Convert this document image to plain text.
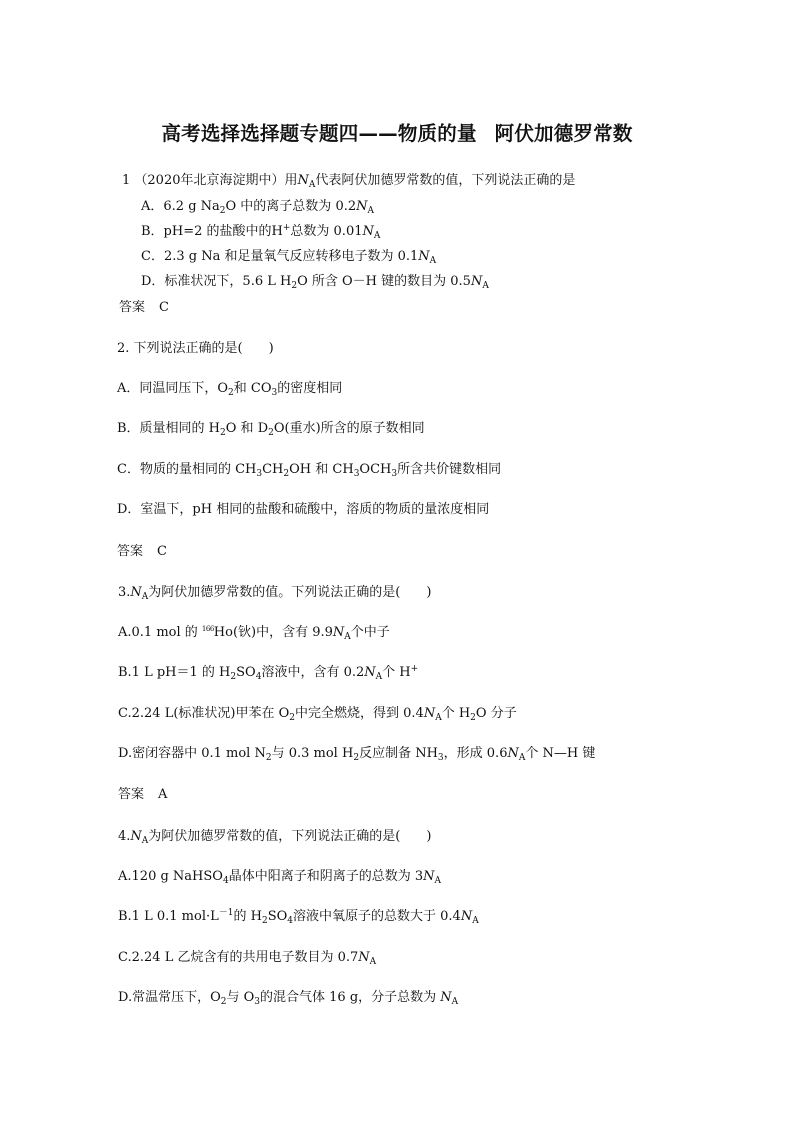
高考选择选择题专题四——物质的量 阿伏加德罗常数
1 （2020年北京海淀期中）用$N_A$代表阿伏加德罗常数的值，下列说法正确的是
A．6.2 g $Na_2O$ 中的离子总数为 $0.2N_A$
B．pH=2 的盐酸中的H+总数为 $0.01N_A$
C．2.3 g Na 和足量氧气反应转移电子数为 $0.1N_A$
D．标准状况下，5.6 L $H_2O$ 所含 O－H 键的数目为 $0.5N_A$
答案 C
2. 下列说法正确的是(　　)
A．同温同压下，$O_2$和 $CO_3$的密度相同
B．质量相同的 $H_2O$ 和 $D_2O$(重水)所含的原子数相同
C．物质的量相同的 $CH_3CH_2OH$ 和 $CH_3OCH_3$所含共价键数相同
D．室温下，pH 相同的盐酸和硫酸中，溶质的物质的量浓度相同
答案 C
$3.N_A$为阿伏加德罗常数的值。下列说法正确的是(　　)
A.0.1 mol 的 $^{166}$Ho(钬)中，含有 $9.9N_A$个中子
B.1 L pH＝1 的 $H_2SO_4$溶液中，含有 $0.2N_A$个 H+
C.2.24 L(标准状况)甲苯在 $O_2$中完全燃烧，得到 $0.4N_A$个 $H_2O$ 分子
D.密闭容器中 0.1 mol $N_2$与 0.3 mol $H_2$反应制备 $NH_3$，形成 $0.6N_A$个 N—H 键
答案 A
$4.N_A$为阿伏加德罗常数的值，下列说法正确的是(　　)
A.120 g NaHSO$_4$晶体中阳离子和阴离子的总数为 $3N_A$
B.1 L 0.1 $mol\cdot L^{-1}$的 $H_2SO_4$溶液中氧原子的总数大于 $0.4N_A$
C.2.24 L 乙烷含有的共用电子数目为 $0.7N_A$
D.常温常压下，$O_2$与 $O_3$的混合气体 16 g，分子总数为 $N_A$
